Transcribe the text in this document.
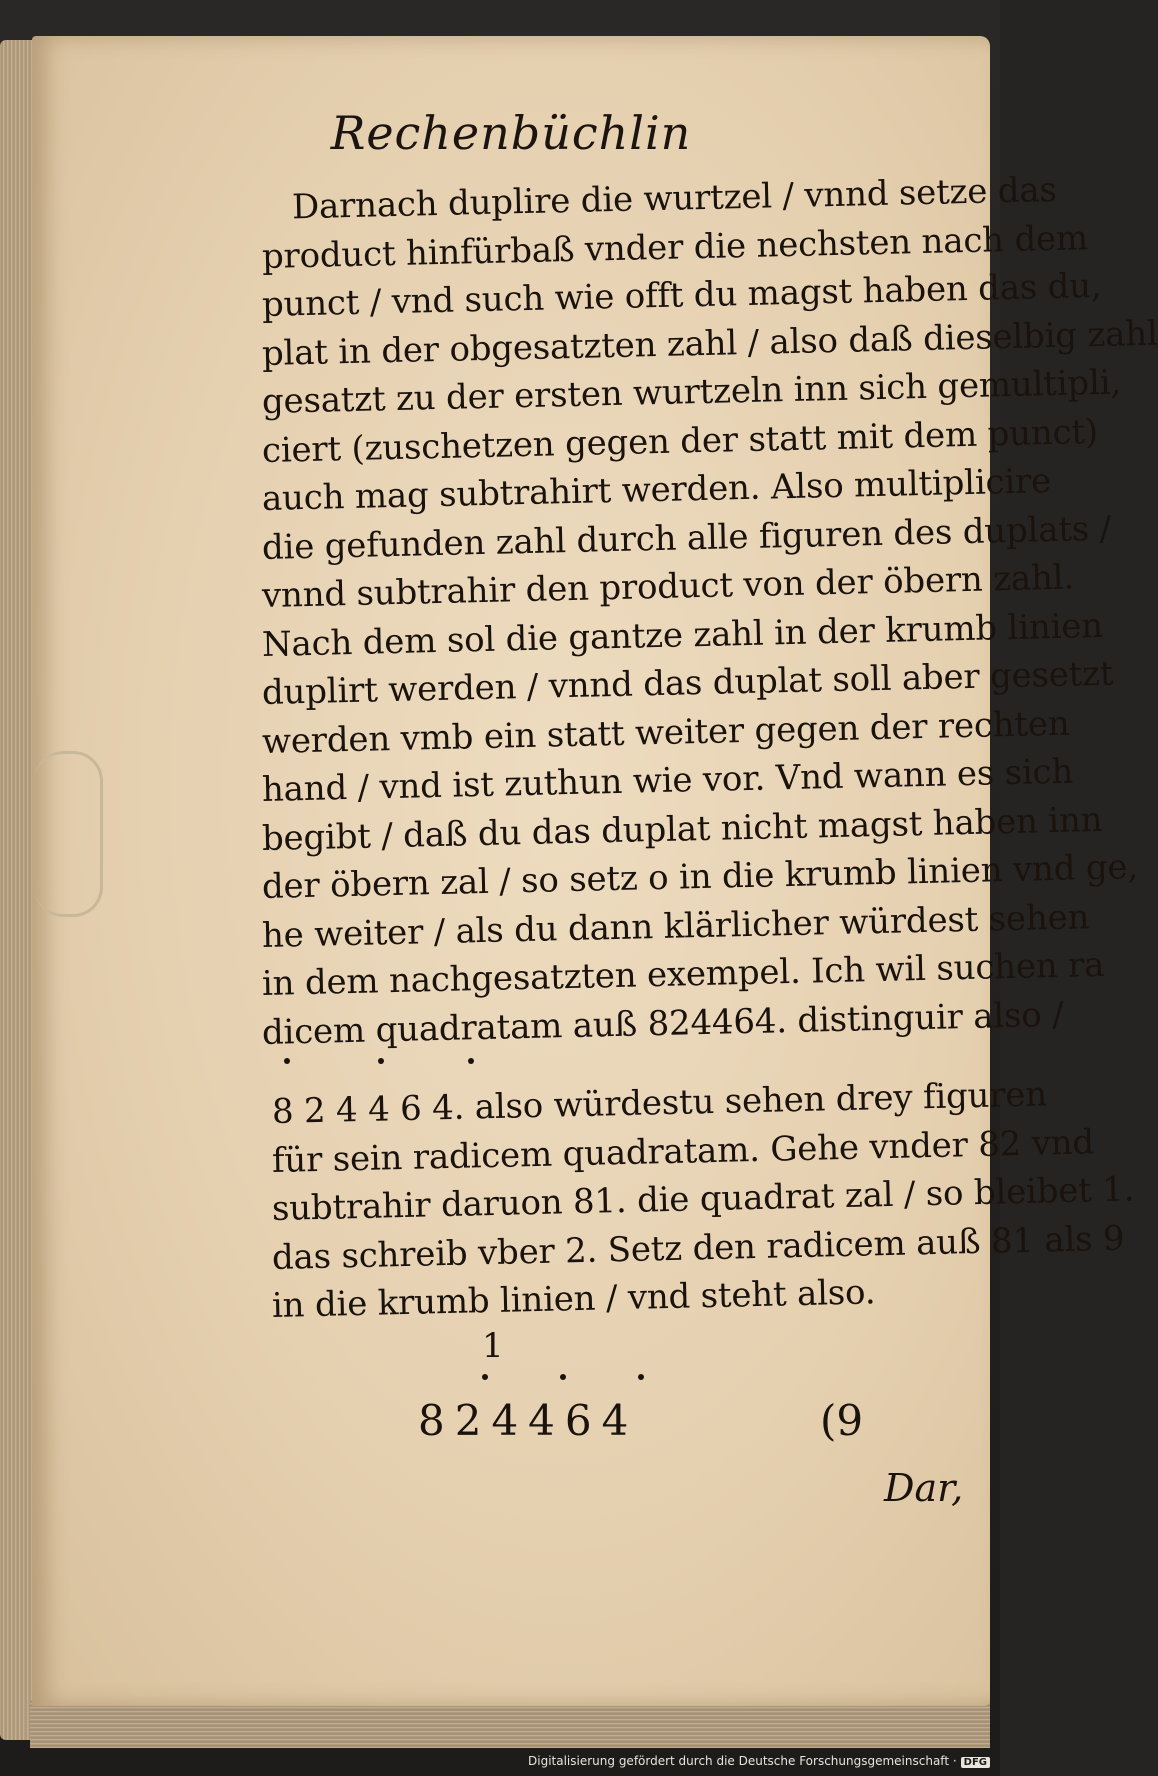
Rechenbüchlin
Darnach duplire die wurtzel / vnnd setze das
product hinfürbaß vnder die nechsten nach dem
punct / vnd such wie offt du magst haben das du,
plat in der obgesatzten zahl / also daß dieselbig zahl
gesatzt zu der ersten wurtzeln inn sich gemultipli,
ciert (zuschetzen gegen der statt mit dem punct)
auch mag subtrahirt werden. Also multiplicire
die gefunden zahl durch alle figuren des duplats /
vnnd subtrahir den product von der öbern zahl.
Nach dem sol die gantze zahl in der krumb linien
duplirt werden / vnnd das duplat soll aber gesetzt
werden vmb ein statt weiter gegen der rechten
hand / vnd ist zuthun wie vor. Vnd wann es sich
begibt / daß du das duplat nicht magst haben inn
der öbern zal / so setz o in die krumb linien vnd ge,
he weiter / als du dann klärlicher würdest sehen
in dem nachgesatzten exempel. Ich wil suchen ra
dicem quadratam auß 824464. distinguir also /
8 2 4 4 6 4. also würdestu sehen drey figuren
für sein radicem quadratam. Gehe vnder 82 vnd
subtrahir daruon 81. die quadrat zal / so bleibet 1.
das schreib vber 2. Setz den radicem auß 81 als 9
in die krumb linien / vnd steht also.
1
824464	(9
Dar,
Digitalisierung gefördert durch die Deutsche Forschungsgemeinschaft · DFG
